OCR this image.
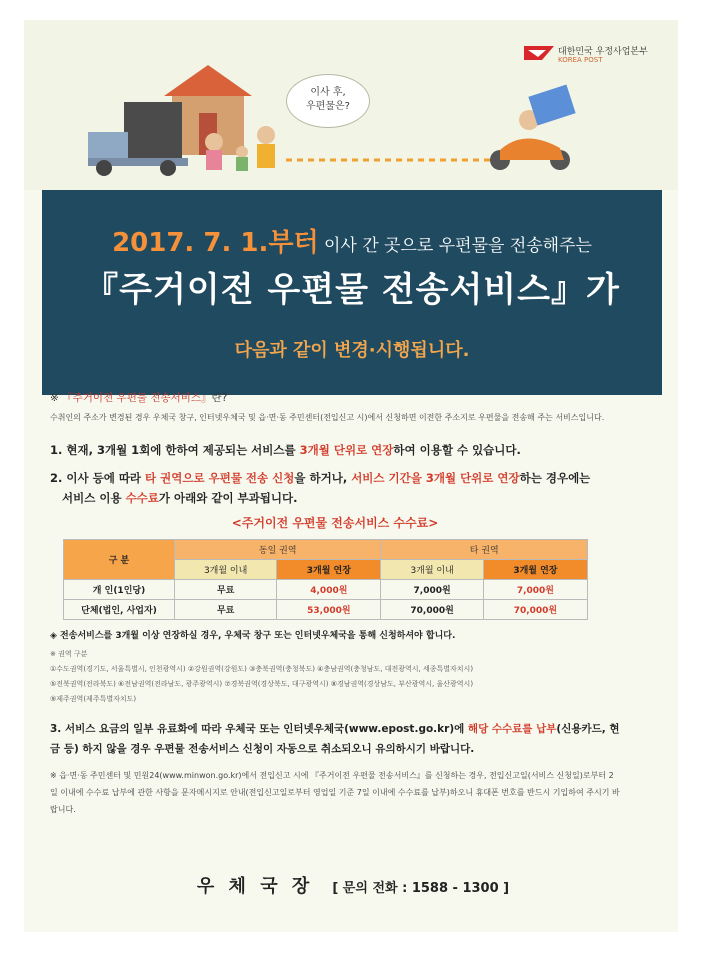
대한민국 우정사업본부
KOREA POST
이사 후,
우편물은?
2017. 7. 1.부터 이사 간 곳으로 우편물을 전송해주는
『주거이전 우편물 전송서비스』가
다음과 같이 변경·시행됩니다.
※ 『주거이전 우편물 전송서비스』란?
수취인의 주소가 변경된 경우 우체국 창구, 인터넷우체국 및 읍·면·동 주민센터(전입신고 시)에서 신청하면 이전한 주소지로 우편물을 전송해 주는 서비스입니다.
1. 현재, 3개월 1회에 한하여 제공되는 서비스를 3개월 단위로 연장하여 이용할 수 있습니다.
2. 이사 등에 따라 타 권역으로 우편물 전송 신청을 하거나, 서비스 기간을 3개월 단위로 연장하는 경우에는
서비스 이용 수수료가 아래와 같이 부과됩니다.
<주거이전 우편물 전송서비스 수수료>
구 분	동일 권역		타 권역	
	3개월 이내	3개월 연장	3개월 이내	3개월 연장
개 인(1인당)	무료	4,000원	7,000원	7,000원
단체(법인, 사업자)	무료	53,000원	70,000원	70,000원
◈ 전송서비스를 3개월 이상 연장하실 경우, 우체국 창구 또는 인터넷우체국을 통해 신청하셔야 합니다.
※ 권역 구분
①수도권역(경기도, 서울특별시, 인천광역시) ②강원권역(강원도) ③충북권역(충청북도) ④충남권역(충청남도, 대전광역시, 세종특별자치시)
⑤전북권역(전라북도) ⑥전남권역(전라남도, 광주광역시) ⑦경북권역(경상북도, 대구광역시) ⑧경남권역(경상남도, 부산광역시, 울산광역시)
⑨제주권역(제주특별자치도)
3. 서비스 요금의 일부 유료화에 따라 우체국 또는 인터넷우체국(www.epost.go.kr)에 해당 수수료를 납부(신용카드, 현금 등) 하지 않을 경우 우편물 전송서비스 신청이 자동으로 취소되오니 유의하시기 바랍니다.
※ 읍·면·동 주민센터 및 민원24(www.minwon.go.kr)에서 전입신고 시에 『주거이전 우편물 전송서비스』를 신청하는 경우, 전입신고일(서비스 신청일)로부터 2일 이내에 수수료 납부에 관한 사항을 문자메시지로 안내(전입신고일로부터 영업일 기준 7일 이내에 수수료를 납부)하오니 휴대폰 번호를 반드시 기입하여 주시기 바랍니다.
우 체 국 장 [ 문의 전화 : 1588 - 1300 ]
